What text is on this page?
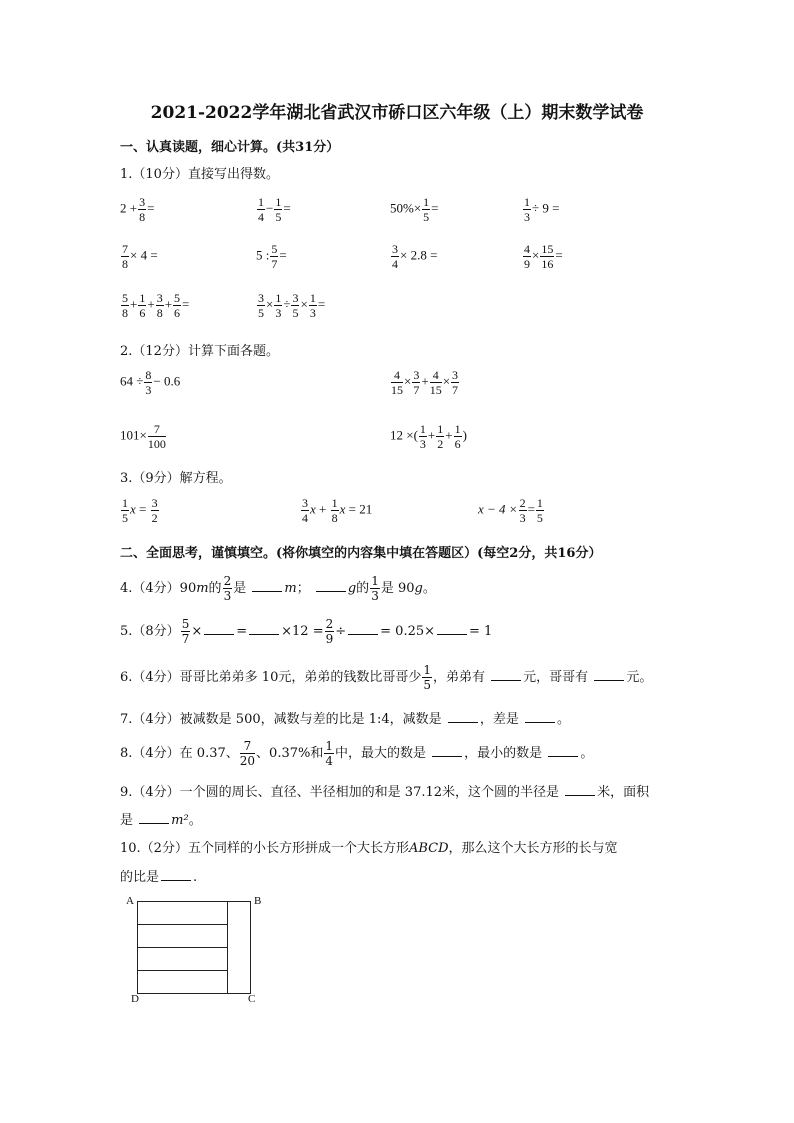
2021-2022学年湖北省武汉市硚口区六年级（上）期末数学试卷
一、认真读题，细心计算。(共31分）
1.（10分）直接写出得数。
$2 + \frac{3}{8}$ =	$\frac{1}{4} - \frac{1}{5}$ =	$50\%\times \frac{1}{5}$ =	$\frac{1}{3} \div 9$ =
$\frac{7}{8} \times 4$ =	5 : $\frac{5}{7}$ =	$\frac{3}{4} \times 2.8$ =	$\frac{4}{9} \times \frac{15}{16}$ =
$\frac{5}{8} + \frac{1}{6} + \frac{3}{8} + \frac{5}{6}$ =	$\frac{3}{5} \times \frac{1}{3} \div \frac{3}{5} \times \frac{1}{3}$ =
2.（12分）计算下面各题。
$64 \div \frac{8}{3} - 0.6$	$\frac{4}{15} \times \frac{3}{7} + \frac{4}{15} \times \frac{3}{7}$
$101\times \frac{7}{100}$	12 ×( $\frac{1}{3} + \frac{1}{2} + \frac{1}{6}$ )
3.（9分）解方程。
$\frac{1}{5}$ $x = \frac{3}{2}$	$\frac{3}{4}$ $x + \frac{1}{8}$ x = 21	$x - 4 \times \frac{2}{3} = \frac{1}{5}$
二、全面思考，谨慎填空。(将你填空的内容集中填在答题区）(每空2分，共16分）
4.（4分）90m的 $\frac{2}{3}$ 是	m；	g的 $\frac{1}{3}$ 是 90g。
5.（8分） $\frac{5}{7}$ ×	=	$\times 12 = \frac{2}{9}$ ÷	= 0.25×	= 1
6.（4分）哥哥比弟弟多 10元，弟弟的钱数比哥哥少 $\frac{1}{5}$ ，弟弟有	元，哥哥有	元。
7.（4分）被减数是 500，减数与差的比是 1:4，减数是	，差是	。
8.（4分）在 0.37、 $\frac{7}{20}$ 、0.37%和 $\frac{1}{4}$ 中，最大的数是	，最小的数是	。
9.（4分）一个圆的周长、直径、半径相加的和是 37.12米，这个圆的半径是	米，面积
是	m²。
10.（2分）五个同样的小长方形拼成一个大长方形ABCD，那么这个大长方形的长与宽
的比是	.
A	B
C
D
